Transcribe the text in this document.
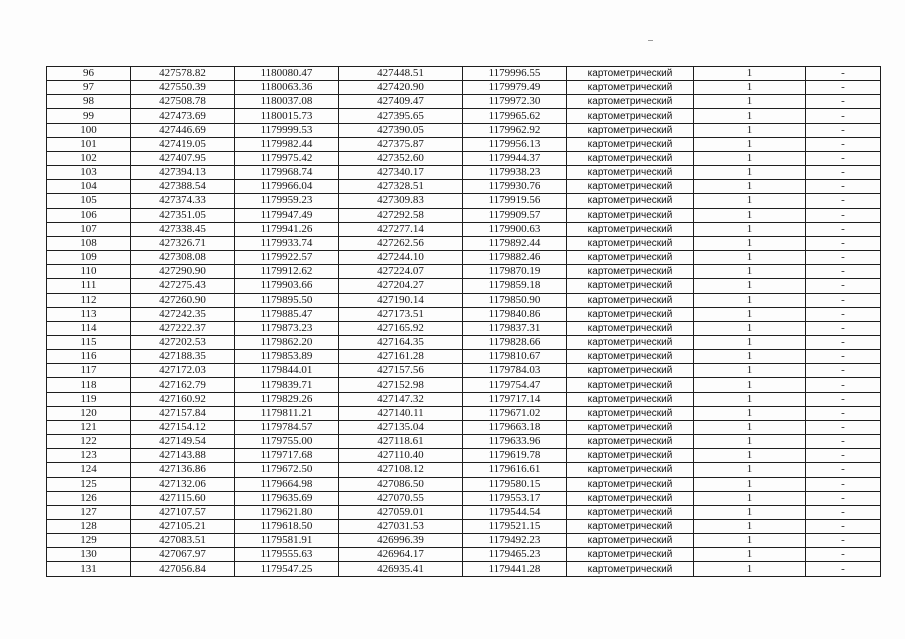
96	427578.82	1180080.47	427448.51	1179996.55	картометрический	1	-
97	427550.39	1180063.36	427420.90	1179979.49	картометрический	1	-
98	427508.78	1180037.08	427409.47	1179972.30	картометрический	1	-
99	427473.69	1180015.73	427395.65	1179965.62	картометрический	1	-
100	427446.69	1179999.53	427390.05	1179962.92	картометрический	1	-
101	427419.05	1179982.44	427375.87	1179956.13	картометрический	1	-
102	427407.95	1179975.42	427352.60	1179944.37	картометрический	1	-
103	427394.13	1179968.74	427340.17	1179938.23	картометрический	1	-
104	427388.54	1179966.04	427328.51	1179930.76	картометрический	1	-
105	427374.33	1179959.23	427309.83	1179919.56	картометрический	1	-
106	427351.05	1179947.49	427292.58	1179909.57	картометрический	1	-
107	427338.45	1179941.26	427277.14	1179900.63	картометрический	1	-
108	427326.71	1179933.74	427262.56	1179892.44	картометрический	1	-
109	427308.08	1179922.57	427244.10	1179882.46	картометрический	1	-
110	427290.90	1179912.62	427224.07	1179870.19	картометрический	1	-
111	427275.43	1179903.66	427204.27	1179859.18	картометрический	1	-
112	427260.90	1179895.50	427190.14	1179850.90	картометрический	1	-
113	427242.35	1179885.47	427173.51	1179840.86	картометрический	1	-
114	427222.37	1179873.23	427165.92	1179837.31	картометрический	1	-
115	427202.53	1179862.20	427164.35	1179828.66	картометрический	1	-
116	427188.35	1179853.89	427161.28	1179810.67	картометрический	1	-
117	427172.03	1179844.01	427157.56	1179784.03	картометрический	1	-
118	427162.79	1179839.71	427152.98	1179754.47	картометрический	1	-
119	427160.92	1179829.26	427147.32	1179717.14	картометрический	1	-
120	427157.84	1179811.21	427140.11	1179671.02	картометрический	1	-
121	427154.12	1179784.57	427135.04	1179663.18	картометрический	1	-
122	427149.54	1179755.00	427118.61	1179633.96	картометрический	1	-
123	427143.88	1179717.68	427110.40	1179619.78	картометрический	1	-
124	427136.86	1179672.50	427108.12	1179616.61	картометрический	1	-
125	427132.06	1179664.98	427086.50	1179580.15	картометрический	1	-
126	427115.60	1179635.69	427070.55	1179553.17	картометрический	1	-
127	427107.57	1179621.80	427059.01	1179544.54	картометрический	1	-
128	427105.21	1179618.50	427031.53	1179521.15	картометрический	1	-
129	427083.51	1179581.91	426996.39	1179492.23	картометрический	1	-
130	427067.97	1179555.63	426964.17	1179465.23	картометрический	1	-
131	427056.84	1179547.25	426935.41	1179441.28	картометрический	1	-
